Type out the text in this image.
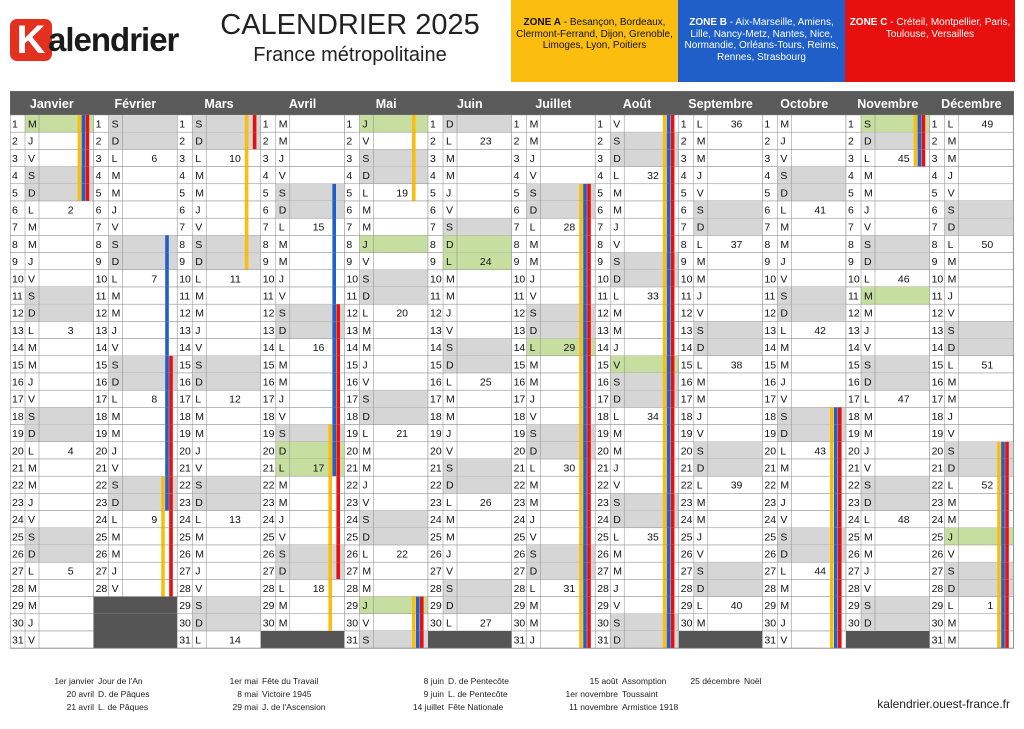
K alendrier	CALENDRIER 2025
France métropolitaine
ZONE A - Besançon, Bordeaux, Clermont-Ferrand, Dijon, Grenoble, Limoges, Lyon, Poitiers
ZONE B - Aix-Marseille, Amiens, Lille, Nancy-Metz, Nantes, Nice, Normandie, Orléans-Tours, Reims, Rennes, Strasbourg
ZONE C - Créteil, Montpellier, Paris, Toulouse, Versailles
Janvier
1 M
2 J
3 V
4 S
5 D
6 L	2
7 M
8 M
9 J
10 V
11 S
12 D
13 L	3
14 M
15 M
16 J
17 V
18 S
19 D
20 L	4
21 M
22 M
23 J
24 V
25 S
26 D
27 L	5
28 M
29 M
30 J
31 V
Février
1 S
2 D
3 L	6
4 M
5 M
6 J
7 V
8 S
9 D
10 L	7
11 M
12 M
13 J
14 V
15 S
16 D
17 L	8
18 M
19 M
20 J
21 V
22 S
23 D
24 L	9
25 M
26 M
27 J
28 V
Mars
1 S
2 D
3 L	10
4 M
5 M
6 J
7 V
8 S
9 D
10 L	11
11 M
12 M
13 J
14 V
15 S
16 D
17 L	12
18 M
19 M
20 J
21 V
22 S
23 D
24 L	13
25 M
26 M
27 J
28 V
29 S
30 D
31 L	14
Avril
1 M
2 M
3 J
4 V
5 S
6 D
7 L	15
8 M
9 M
10 J
11 V
12 S
13 D
14 L	16
15 M
16 M
17 J
18 V
19 S
20 D
21 L	17
22 M
23 M
24 J
25 V
26 S
27 D
28 L	18
29 M
30 M
Mai
1 J
2 V
3 S
4 D
5 L	19
6 M
7 M
8 J
9 V
10 S
11 D
12 L	20
13 M
14 M
15 J
16 V
17 S
18 D
19 L	21
20 M
21 M
22 J
23 V
24 S
25 D
26 L	22
27 M
28 M
29 J
30 V
31 S
Juin
1 D
2 L	23
3 M
4 M
5 J
6 V
7 S
8 D
9 L	24
10 M
11 M
12 J
13 V
14 S
15 D
16 L	25
17 M
18 M
19 J
20 V
21 S
22 D
23 L	26
24 M
25 M
26 J
27 V
28 S
29 D
30 L	27
Juillet
1 M
2 M
3 J
4 V
5 S
6 D
7 L	28
8 M
9 M
10 J
11 V
12 S
13 D
14 L	29
15 M
16 M
17 J
18 V
19 S
20 D
21 L	30
22 M
23 M
24 J
25 V
26 S
27 D
28 L	31
29 M
30 M
31 J
Août
1 V
2 S
3 D
4 L	32
5 M
6 M
7 J
8 V
9 S
10 D
11 L	33
12 M
13 M
14 J
15 V
16 S
17 D
18 L	34
19 M
20 M
21 J
22 V
23 S
24 D
25 L	35
26 M
27 M
28 J
29 V
30 S
31 D
Septembre
1 L	36
2 M
3 M
4 J
5 V
6 S
7 D
8 L	37
9 M
10 M
11 J
12 V
13 S
14 D
15 L	38
16 M
17 M
18 J
19 V
20 S
21 D
22 L	39
23 M
24 M
25 J
26 V
27 S
28 D
29 L	40
30 M
Octobre
1 M
2 J
3 V
4 S
5 D
6 L	41
7 M
8 M
9 J
10 V
11 S
12 D
13 L	42
14 M
15 M
16 J
17 V
18 S
19 D
20 L	43
21 M
22 M
23 J
24 V
25 S
26 D
27 L	44
28 M
29 M
30 J
31 V
Novembre
1 S
2 D
3 L	45
4 M
5 M
6 J
7 V
8 S
9 D
10 L	46
11 M
12 M
13 J
14 V
15 S
16 D
17 L	47
18 M
19 M
20 J
21 V
22 S
23 D
24 L	48
25 M
26 M
27 J
28 V
29 S
30 D
Décembre
1 L	49
2 M
3 M
4 J
5 V
6 S
7 D
8 L	50
9 M
10 M
11 J
12 V
13 S
14 D
15 L	51
16 M
17 M
18 J
19 V
20 S
21 D
22 L	52
23 M
24 M
25 J
26 V
27 S
28 D
29 L	1
30 M
31 M
1er janvier Jour de l'An
20 avril D. de Pâques
21 avril L. de Pâques
1er mai Fête du Travail
8 mai Victoire 1945
29 mai J. de l'Ascension
8 juin D. de Pentecôte
9 juin L. de Pentecôte
14 juillet Fête Nationale
15 août Assomption
1er novembre Toussaint
11 novembre Armistice 1918
25 décembre Noël
kalendrier.ouest-france.fr
